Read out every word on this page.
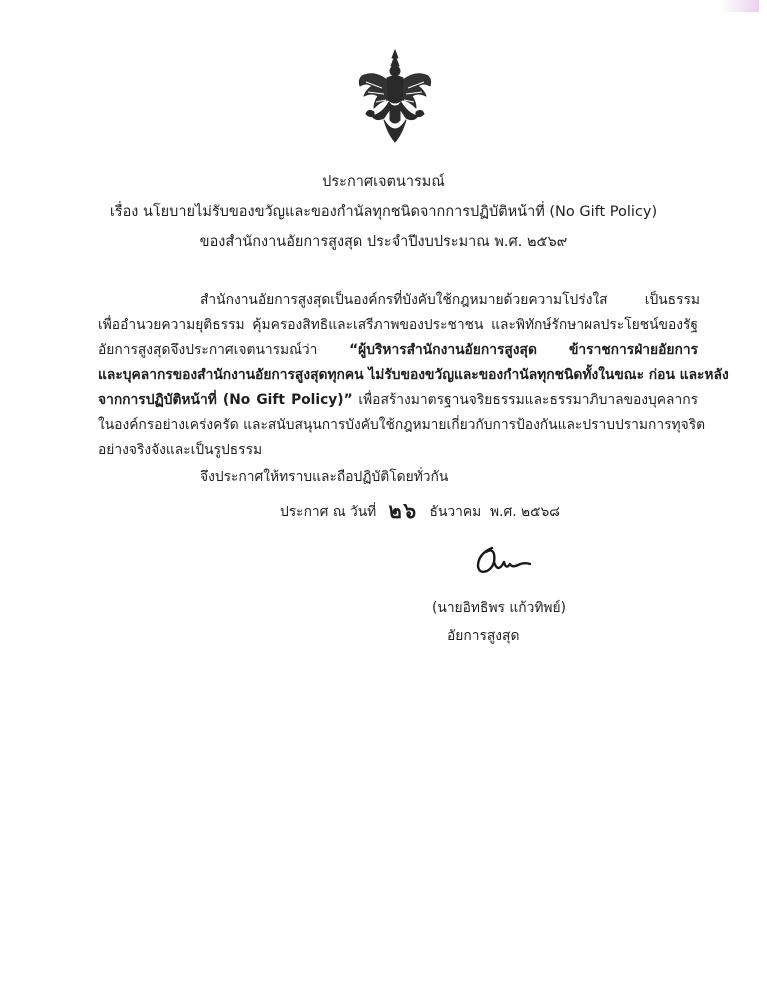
ประกาศเจตนารมณ์
เรื่อง นโยบายไม่รับของขวัญและของกำนัลทุกชนิดจากการปฏิบัติหน้าที่ (No Gift Policy)
ของสำนักงานอัยการสูงสุด ประจำปีงบประมาณ พ.ศ. ๒๕๖๙
สำนักงานอัยการสูงสุดเป็นองค์กรที่บังคับใช้กฎหมายด้วยความโปร่งใส เป็นธรรม
เพื่ออำนวยความยุติธรรม คุ้มครองสิทธิและเสรีภาพของประชาชน และพิทักษ์รักษาผลประโยชน์ของรัฐ
อัยการสูงสุดจึงประกาศเจตนารมณ์ว่า “ผู้บริหารสำนักงานอัยการสูงสุด ข้าราชการฝ่ายอัยการ
และบุคลากรของสำนักงานอัยการสูงสุดทุกคน ไม่รับของขวัญและของกำนัลทุกชนิดทั้งในขณะ ก่อน และหลัง
จากการปฏิบัติหน้าที่ (No Gift Policy)” เพื่อสร้างมาตรฐานจริยธรรมและธรรมาภิบาลของบุคลากร
ในองค์กรอย่างเคร่งครัด และสนับสนุนการบังคับใช้กฎหมายเกี่ยวกับการป้องกันและปราบปรามการทุจริต
อย่างจริงจังและเป็นรูปธรรม
จึงประกาศให้ทราบและถือปฏิบัติโดยทั่วกัน
ประกาศ ณ วันที่ ๒๖ ธันวาคม พ.ศ. ๒๕๖๘
(นายอิทธิพร แก้วทิพย์)
อัยการสูงสุด
